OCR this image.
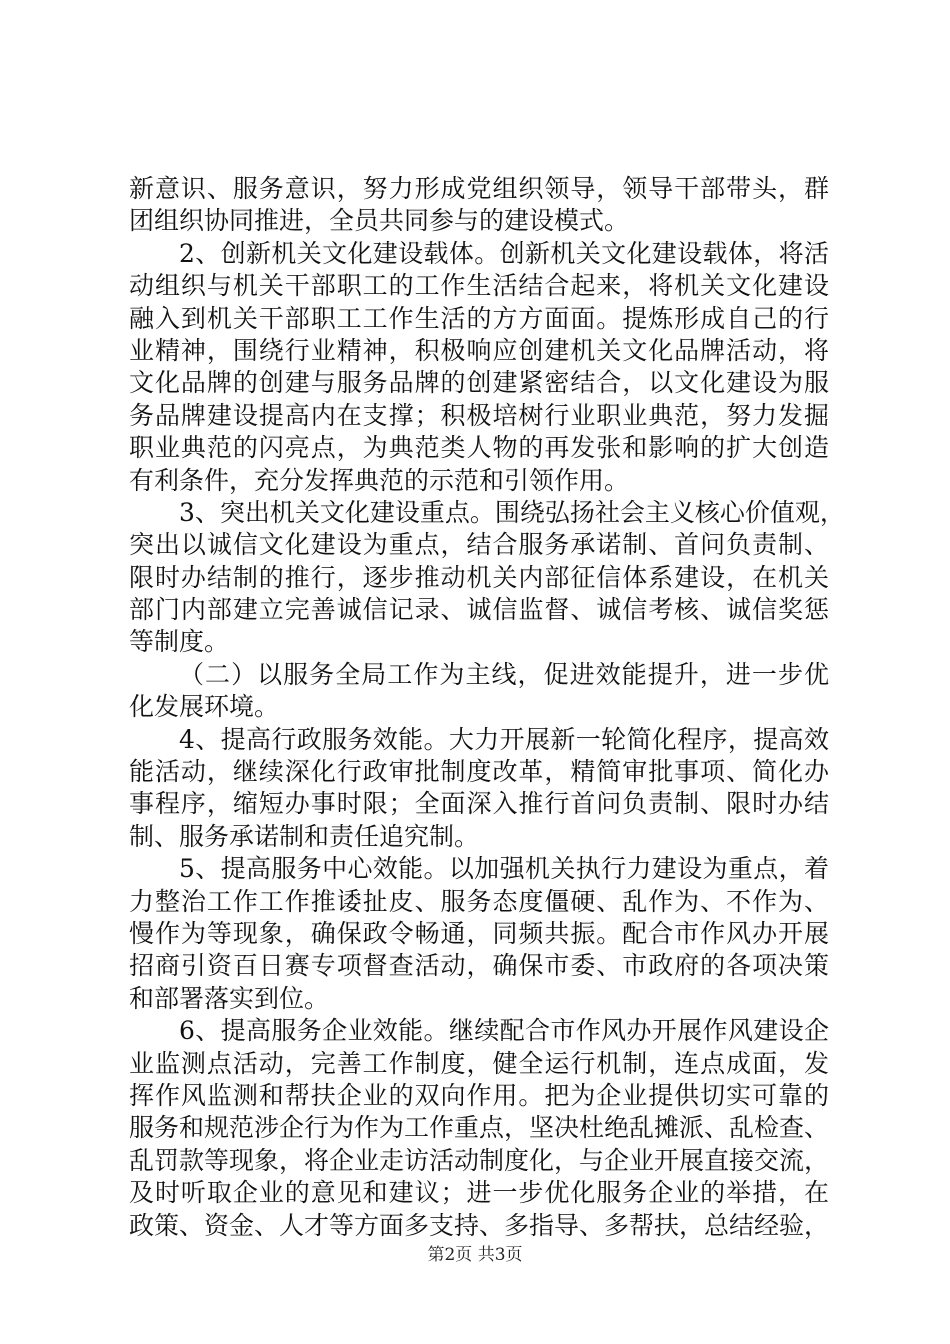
新意识、服务意识，努力形成党组织领导，领导干部带头，群
团组织协同推进，全员共同参与的建设模式。
2、创新机关文化建设载体。创新机关文化建设载体，将活
动组织与机关干部职工的工作生活结合起来，将机关文化建设
融入到机关干部职工工作生活的方方面面。提炼形成自己的行
业精神，围绕行业精神，积极响应创建机关文化品牌活动，将
文化品牌的创建与服务品牌的创建紧密结合，以文化建设为服
务品牌建设提高内在支撑；积极培树行业职业典范，努力发掘
职业典范的闪亮点，为典范类人物的再发张和影响的扩大创造
有利条件，充分发挥典范的示范和引领作用。
3、突出机关文化建设重点。围绕弘扬社会主义核心价值观，
突出以诚信文化建设为重点，结合服务承诺制、首问负责制、
限时办结制的推行，逐步推动机关内部征信体系建设，在机关
部门内部建立完善诚信记录、诚信监督、诚信考核、诚信奖惩
等制度。
（二）以服务全局工作为主线，促进效能提升，进一步优
化发展环境。
4、提高行政服务效能。大力开展新一轮简化程序，提高效
能活动，继续深化行政审批制度改革，精简审批事项、简化办
事程序，缩短办事时限；全面深入推行首问负责制、限时办结
制、服务承诺制和责任追究制。
5、提高服务中心效能。以加强机关执行力建设为重点，着
力整治工作工作推诿扯皮、服务态度僵硬、乱作为、不作为、
慢作为等现象，确保政令畅通，同频共振。配合市作风办开展
招商引资百日赛专项督查活动，确保市委、市政府的各项决策
和部署落实到位。
6、提高服务企业效能。继续配合市作风办开展作风建设企
业监测点活动，完善工作制度，健全运行机制，连点成面，发
挥作风监测和帮扶企业的双向作用。把为企业提供切实可靠的
服务和规范涉企行为作为工作重点，坚决杜绝乱摊派、乱检查、
乱罚款等现象，将企业走访活动制度化，与企业开展直接交流，
及时听取企业的意见和建议；进一步优化服务企业的举措，在
政策、资金、人才等方面多支持、多指导、多帮扶，总结经验，
第2页 共3页
